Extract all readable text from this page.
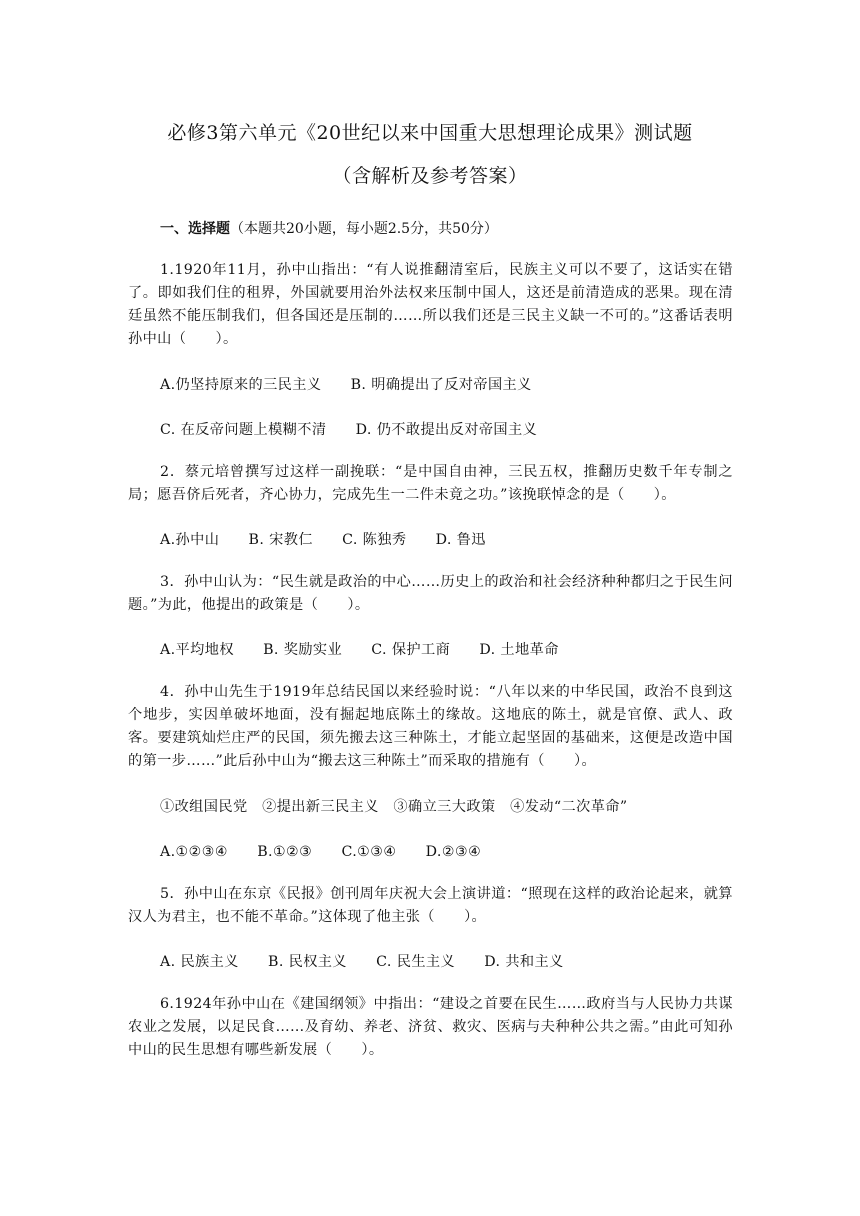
必修3第六单元《20世纪以来中国重大思想理论成果》测试题
（含解析及参考答案）
一、选择题（本题共20小题，每小题2.5分，共50分）
1.1920年11月，孙中山指出：“有人说推翻清室后，民族主义可以不要了，这话实在错了。即如我们住的租界，外国就要用治外法权来压制中国人，这还是前清造成的恶果。现在清廷虽然不能压制我们，但各国还是压制的……所以我们还是三民主义缺一不可的。”这番话表明孙中山（　　）。
A.仍坚持原来的三民主义　　B. 明确提出了反对帝国主义
C. 在反帝问题上模糊不清　　D. 仍不敢提出反对帝国主义
2．蔡元培曾撰写过这样一副挽联：“是中国自由神，三民五权，推翻历史数千年专制之局；愿吾侪后死者，齐心协力，完成先生一二件未竟之功。”该挽联悼念的是（　　）。
A.孙中山　　B. 宋教仁　　C. 陈独秀　　D. 鲁迅
3．孙中山认为：“民生就是政治的中心……历史上的政治和社会经济种种都归之于民生问题。”为此，他提出的政策是（　　）。
A.平均地权　　B. 奖励实业　　C. 保护工商　　D. 土地革命
4．孙中山先生于1919年总结民国以来经验时说：“八年以来的中华民国，政治不良到这个地步，实因单破坏地面，没有掘起地底陈土的缘故。这地底的陈土，就是官僚、武人、政客。要建筑灿烂庄严的民国，须先搬去这三种陈土，才能立起坚固的基础来，这便是改造中国的第一步……”此后孙中山为“搬去这三种陈土”而采取的措施有（　　）。
①改组国民党　②提出新三民主义　③确立三大政策　④发动“二次革命”
A.①②③④　　B.①②③　　C.①③④　　D.②③④
5．孙中山在东京《民报》创刊周年庆祝大会上演讲道：“照现在这样的政治论起来，就算汉人为君主，也不能不革命。”这体现了他主张（　　）。
A. 民族主义　　B. 民权主义　　C. 民生主义　　D. 共和主义
6.1924年孙中山在《建国纲领》中指出：“建设之首要在民生……政府当与人民协力共谋农业之发展，以足民食……及育幼、养老、济贫、救灾、医病与夫种种公共之需。”由此可知孙中山的民生思想有哪些新发展（　　）。
